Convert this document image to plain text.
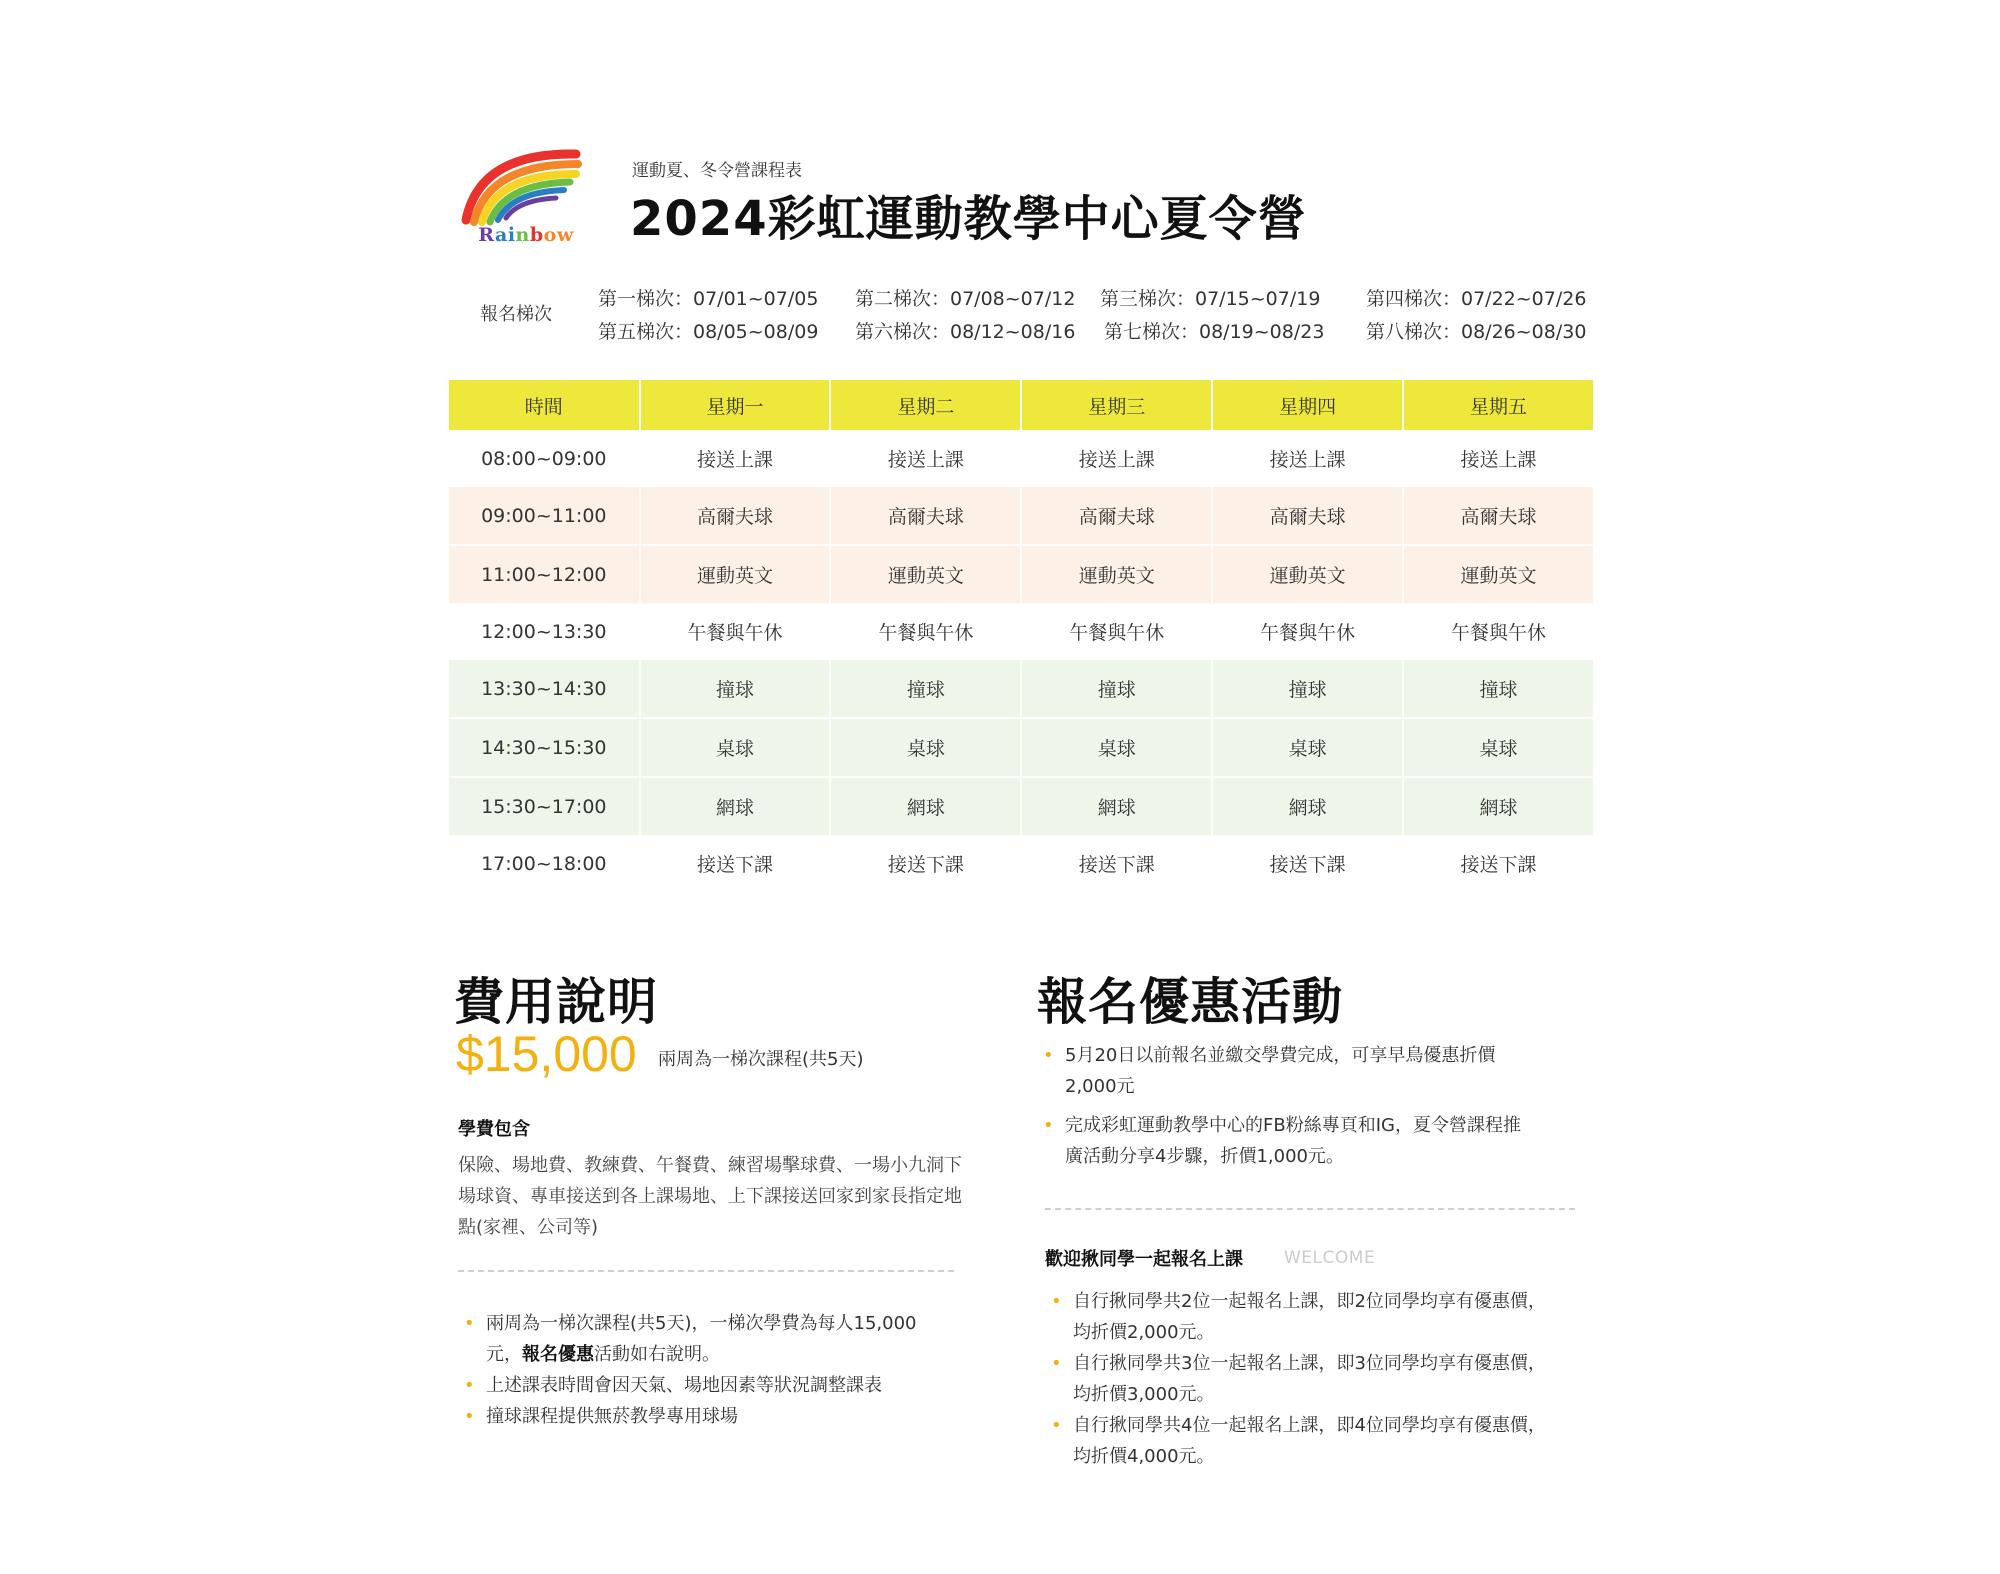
Rainbow
運動夏、冬令營課程表
2024彩虹運動教學中心夏令營
報名梯次
第一梯次：07/01~07/05 第二梯次：07/08~07/12 第三梯次：07/15~07/19 第四梯次：07/22~07/26
第五梯次：08/05~08/09 第六梯次：08/12~08/16 第七梯次：08/19~08/23 第八梯次：08/26~08/30
時間	星期一	星期二	星期三	星期四	星期五
08:00~09:00	接送上課	接送上課	接送上課	接送上課	接送上課
09:00~11:00	高爾夫球	高爾夫球	高爾夫球	高爾夫球	高爾夫球
11:00~12:00	運動英文	運動英文	運動英文	運動英文	運動英文
12:00~13:30	午餐與午休	午餐與午休	午餐與午休	午餐與午休	午餐與午休
13:30~14:30	撞球	撞球	撞球	撞球	撞球
14:30~15:30	桌球	桌球	桌球	桌球	桌球
15:30~17:00	網球	網球	網球	網球	網球
17:00~18:00	接送下課	接送下課	接送下課	接送下課	接送下課
費用說明
$15,000 兩周為一梯次課程(共5天)
學費包含
保險、場地費、教練費、午餐費、練習場擊球費、一場小九洞下場球資、專車接送到各上課場地、上下課接送回家到家長指定地點(家裡、公司等)
• 兩周為一梯次課程(共5天)，一梯次學費為每人15,000元，報名優惠活動如右說明。
• 上述課表時間會因天氣、場地因素等狀況調整課表
• 撞球課程提供無菸教學專用球場
報名優惠活動
• 5月20日以前報名並繳交學費完成，可享早鳥優惠折價2,000元
• 完成彩虹運動教學中心的FB粉絲專頁和IG，夏令營課程推廣活動分享4步驟，折價1,000元。
歡迎揪同學一起報名上課 WELCOME
• 自行揪同學共2位一起報名上課，即2位同學均享有優惠價，均折價2,000元。
• 自行揪同學共3位一起報名上課，即3位同學均享有優惠價，均折價3,000元。
• 自行揪同學共4位一起報名上課，即4位同學均享有優惠價，均折價4,000元。
